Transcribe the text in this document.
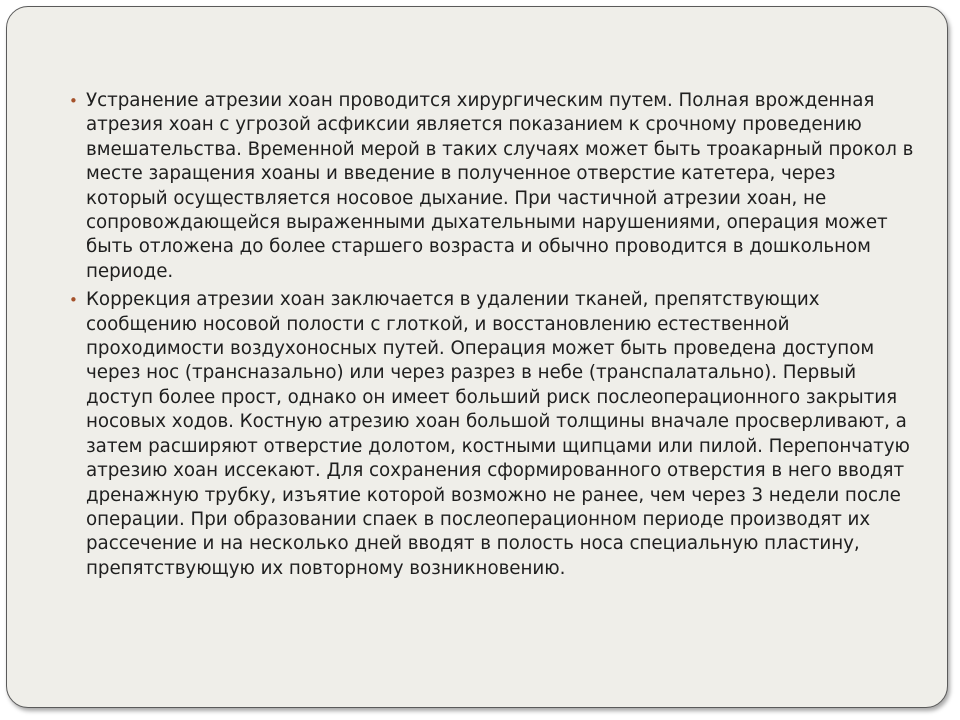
• Устранение атрезии хоан проводится хирургическим путем. Полная врожденная атрезия хоан с угрозой асфиксии является показанием к срочному проведению вмешательства. Временной мерой в таких случаях может быть троакарный прокол в месте заращения хоаны и введение в полученное отверстие катетера, через который осуществляется носовое дыхание. При частичной атрезии хоан, не сопровождающейся выраженными дыхательными нарушениями, операция может быть отложена до более старшего возраста и обычно проводится в дошкольном периоде.
• Коррекция атрезии хоан заключается в удалении тканей, препятствующих сообщению носовой полости с глоткой, и восстановлению естественной проходимости воздухоносных путей. Операция может быть проведена доступом через нос (трансназально) или через разрез в небе (транспалатально). Первый доступ более прост, однако он имеет больший риск послеоперационного закрытия носовых ходов. Костную атрезию хоан большой толщины вначале просверливают, а затем расширяют отверстие долотом, костными щипцами или пилой. Перепончатую атрезию хоан иссекают. Для сохранения сформированного отверстия в него вводят дренажную трубку, изъятие которой возможно не ранее, чем через 3 недели после операции. При образовании спаек в послеоперационном периоде производят их рассечение и на несколько дней вводят в полость носа специальную пластину, препятствующую их повторному возникновению.
